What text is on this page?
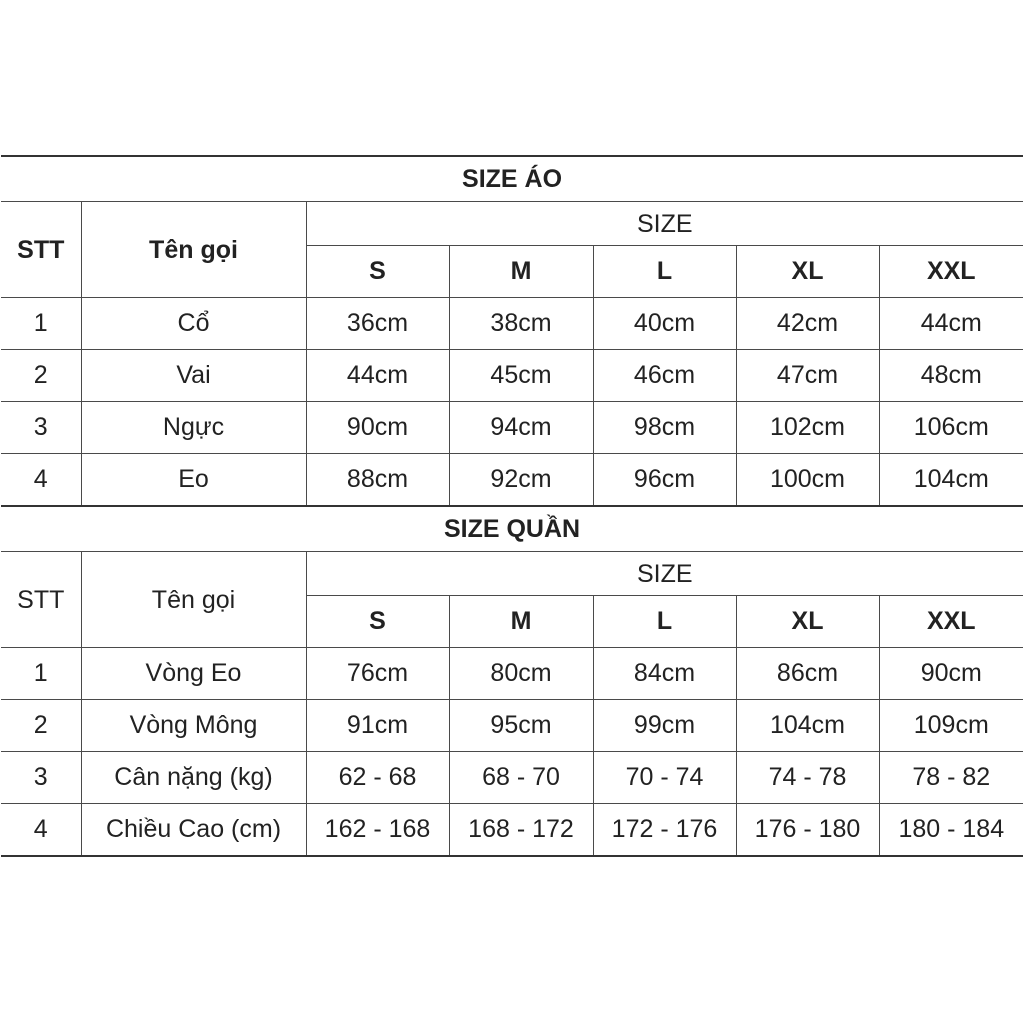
SIZE ÁO						
STT	Tên gọi	SIZE				
		S	M	L	XL	XXL
1	Cổ	36cm	38cm	40cm	42cm	44cm
2	Vai	44cm	45cm	46cm	47cm	48cm
3	Ngực	90cm	94cm	98cm	102cm	106cm
4	Eo	88cm	92cm	96cm	100cm	104cm
SIZE QUẦN						
STT	Tên gọi	SIZE				
		S	M	L	XL	XXL
1	Vòng Eo	76cm	80cm	84cm	86cm	90cm
2	Vòng Mông	91cm	95cm	99cm	104cm	109cm
3	Cân nặng (kg)	62 - 68	68 - 70	70 - 74	74 - 78	78 - 82
4	Chiều Cao (cm)	162 - 168	168 - 172	172 - 176	176 - 180	180 - 184
